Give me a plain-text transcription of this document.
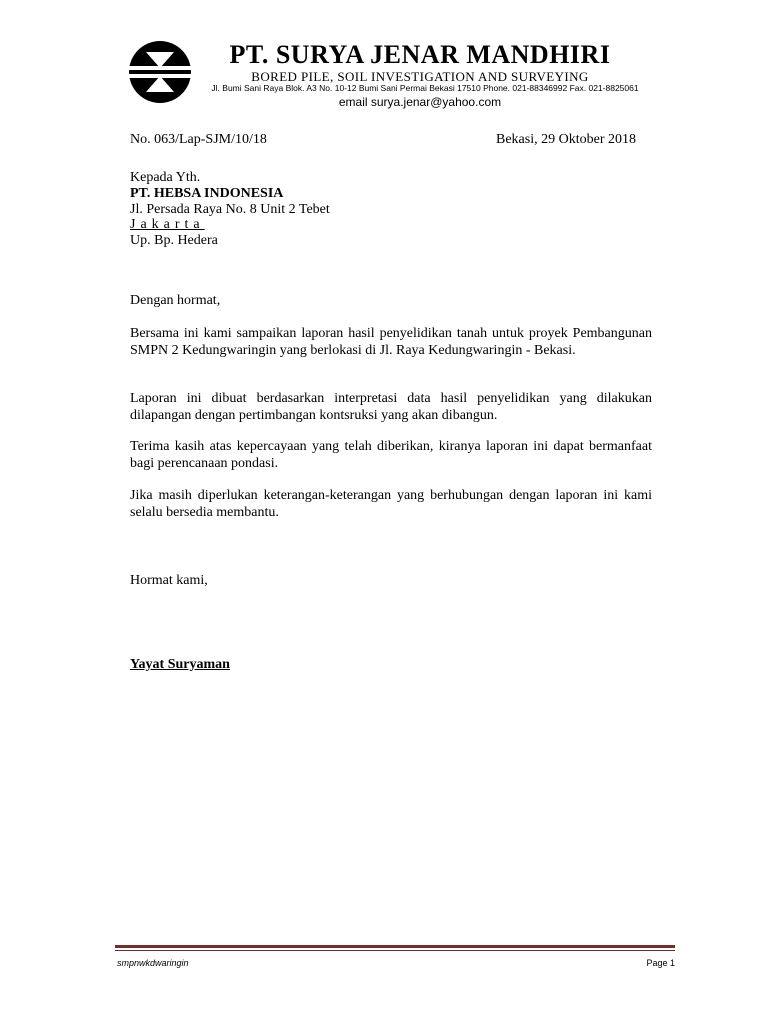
PT. SURYA JENAR MANDHIRI
BORED PILE, SOIL INVESTIGATION AND SURVEYING
Jl. Bumi Sani Raya Blok. A3 No. 10-12 Bumi Sani Permai Bekasi 17510 Phone. 021-88346992 Fax. 021-8825061
email surya.jenar@yahoo.com
No. 063/Lap-SJM/10/18	Bekasi, 29 Oktober 2018
Kepada Yth.
PT. HEBSA INDONESIA
Jl. Persada Raya No. 8 Unit 2 Tebet
Jakarta
Up. Bp. Hedera
Dengan hormat,
Bersama ini kami sampaikan laporan hasil penyelidikan tanah untuk proyek Pembangunan SMPN 2 Kedungwaringin yang berlokasi di Jl. Raya Kedungwaringin - Bekasi.
Laporan ini dibuat berdasarkan interpretasi data hasil penyelidikan yang dilakukan dilapangan dengan pertimbangan kontsruksi yang akan dibangun.
Terima kasih atas kepercayaan yang telah diberikan, kiranya laporan ini dapat bermanfaat bagi perencanaan pondasi.
Jika masih diperlukan keterangan-keterangan yang berhubungan dengan laporan ini kami selalu bersedia membantu.
Hormat kami,
Yayat Suryaman
smpnwkdwaringin	Page 1
